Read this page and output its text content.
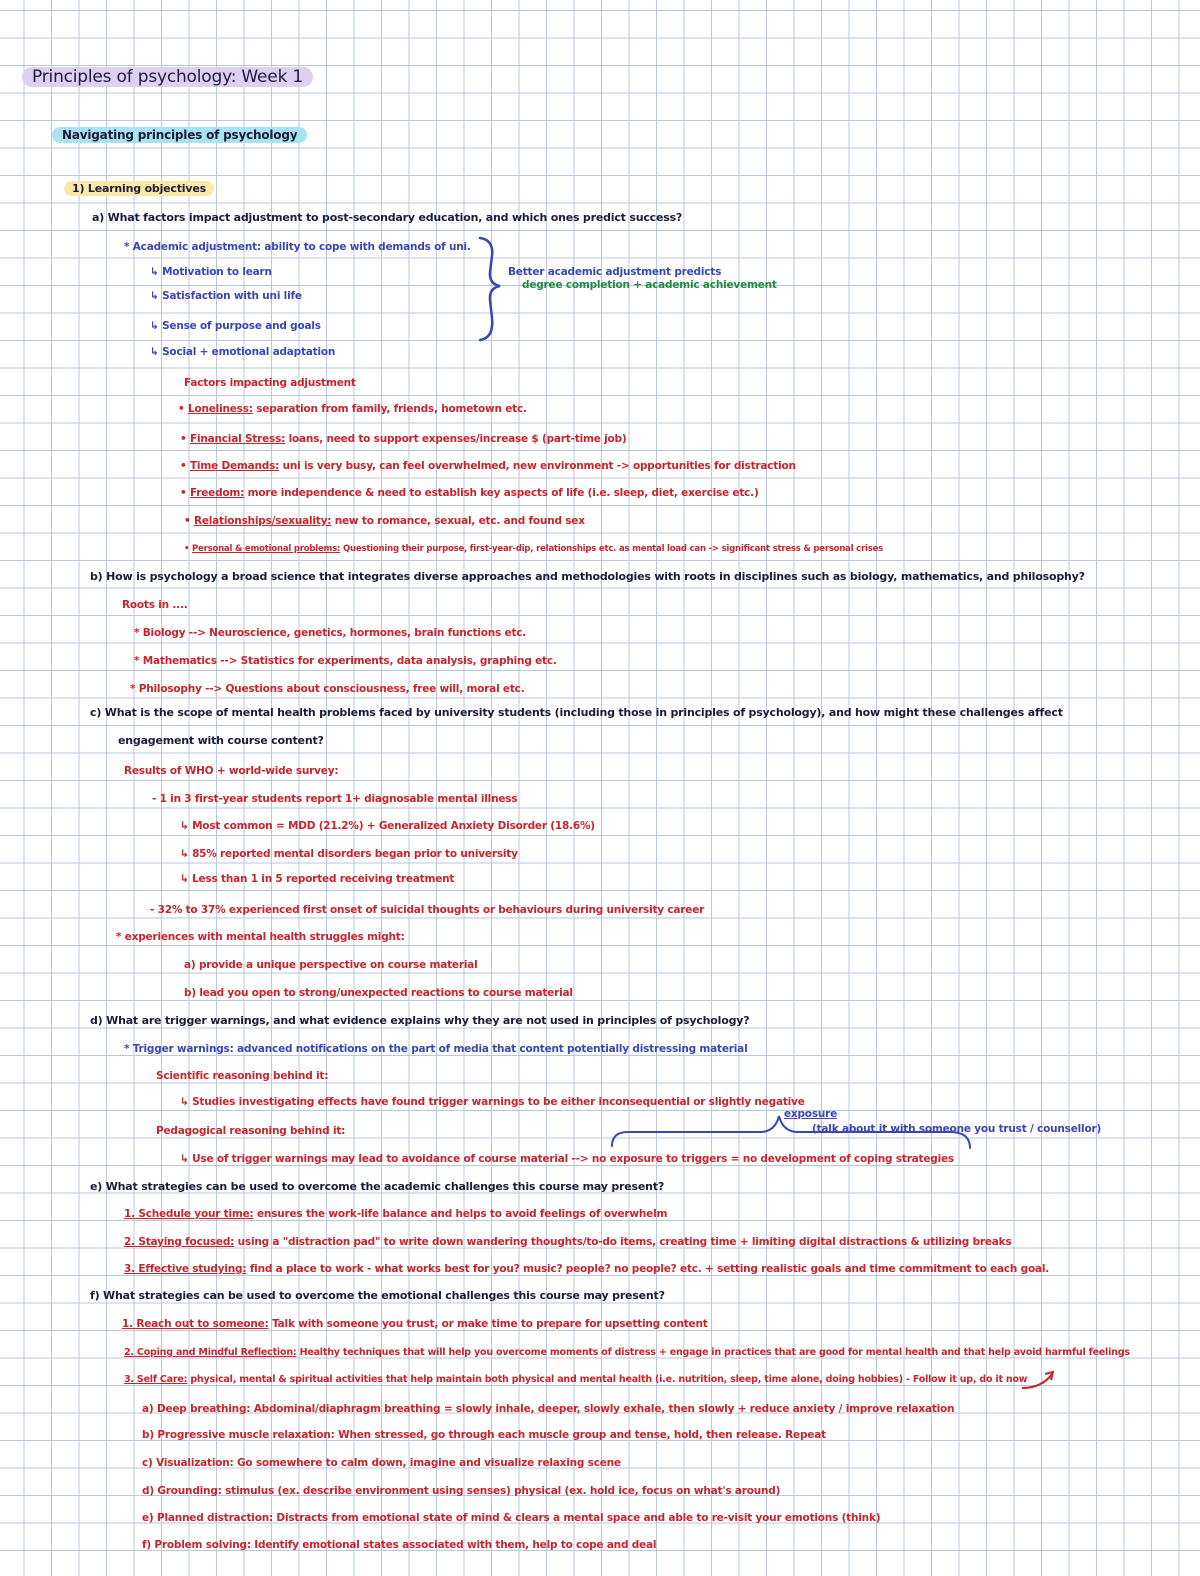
Principles of psychology: Week 1
Navigating principles of psychology
1) Learning objectives
a) What factors impact adjustment to post-secondary education, and which ones predict success?
* Academic adjustment: ability to cope with demands of uni.
↳ Motivation to learn
↳ Satisfaction with uni life
↳ Sense of purpose and goals
↳ Social + emotional adaptation
Better academic adjustment predicts
degree completion + academic achievement
Factors impacting adjustment
• Loneliness: separation from family, friends, hometown etc.
• Financial Stress: loans, need to support expenses/increase $ (part-time job)
• Time Demands: uni is very busy, can feel overwhelmed, new environment -> opportunities for distraction
• Freedom: more independence & need to establish key aspects of life (i.e. sleep, diet, exercise etc.)
• Relationships/sexuality: new to romance, sexual, etc. and found sex
• Personal & emotional problems: Questioning their purpose, first-year-dip, relationships etc. as mental load can -> significant stress & personal crises
b) How is psychology a broad science that integrates diverse approaches and methodologies with roots in disciplines such as biology, mathematics, and philosophy?
Roots in ....
* Biology --> Neuroscience, genetics, hormones, brain functions etc.
* Mathematics --> Statistics for experiments, data analysis, graphing etc.
* Philosophy --> Questions about consciousness, free will, moral etc.
c) What is the scope of mental health problems faced by university students (including those in principles of psychology), and how might these challenges affect
engagement with course content?
Results of WHO + world-wide survey:
- 1 in 3 first-year students report 1+ diagnosable mental illness
↳ Most common = MDD (21.2%) + Generalized Anxiety Disorder (18.6%)
↳ 85% reported mental disorders began prior to university
↳ Less than 1 in 5 reported receiving treatment
- 32% to 37% experienced first onset of suicidal thoughts or behaviours during university career
* experiences with mental health struggles might:
a) provide a unique perspective on course material
b) lead you open to strong/unexpected reactions to course material
d) What are trigger warnings, and what evidence explains why they are not used in principles of psychology?
* Trigger warnings: advanced notifications on the part of media that content potentially distressing material
Scientific reasoning behind it:
↳ Studies investigating effects have found trigger warnings to be either inconsequential or slightly negative
exposure
(talk about it with someone you trust / counsellor)
Pedagogical reasoning behind it:
↳ Use of trigger warnings may lead to avoidance of course material --> no exposure to triggers = no development of coping strategies
e) What strategies can be used to overcome the academic challenges this course may present?
1. Schedule your time: ensures the work-life balance and helps to avoid feelings of overwhelm
2. Staying focused: using a "distraction pad" to write down wandering thoughts/to-do items, creating time + limiting digital distractions & utilizing breaks
3. Effective studying: find a place to work - what works best for you? music? people? no people? etc. + setting realistic goals and time commitment to each goal.
f) What strategies can be used to overcome the emotional challenges this course may present?
1. Reach out to someone: Talk with someone you trust, or make time to prepare for upsetting content
2. Coping and Mindful Reflection: Healthy techniques that will help you overcome moments of distress + engage in practices that are good for mental health and that help avoid harmful feelings
3. Self Care: physical, mental & spiritual activities that help maintain both physical and mental health (i.e. nutrition, sleep, time alone, doing hobbies) - Follow it up, do it now
a) Deep breathing: Abdominal/diaphragm breathing = slowly inhale, deeper, slowly exhale, then slowly + reduce anxiety / improve relaxation
b) Progressive muscle relaxation: When stressed, go through each muscle group and tense, hold, then release. Repeat
c) Visualization: Go somewhere to calm down, imagine and visualize relaxing scene
d) Grounding: stimulus (ex. describe environment using senses) physical (ex. hold ice, focus on what's around)
e) Planned distraction: Distracts from emotional state of mind & clears a mental space and able to re-visit your emotions (think)
f) Problem solving: Identify emotional states associated with them, help to cope and deal
